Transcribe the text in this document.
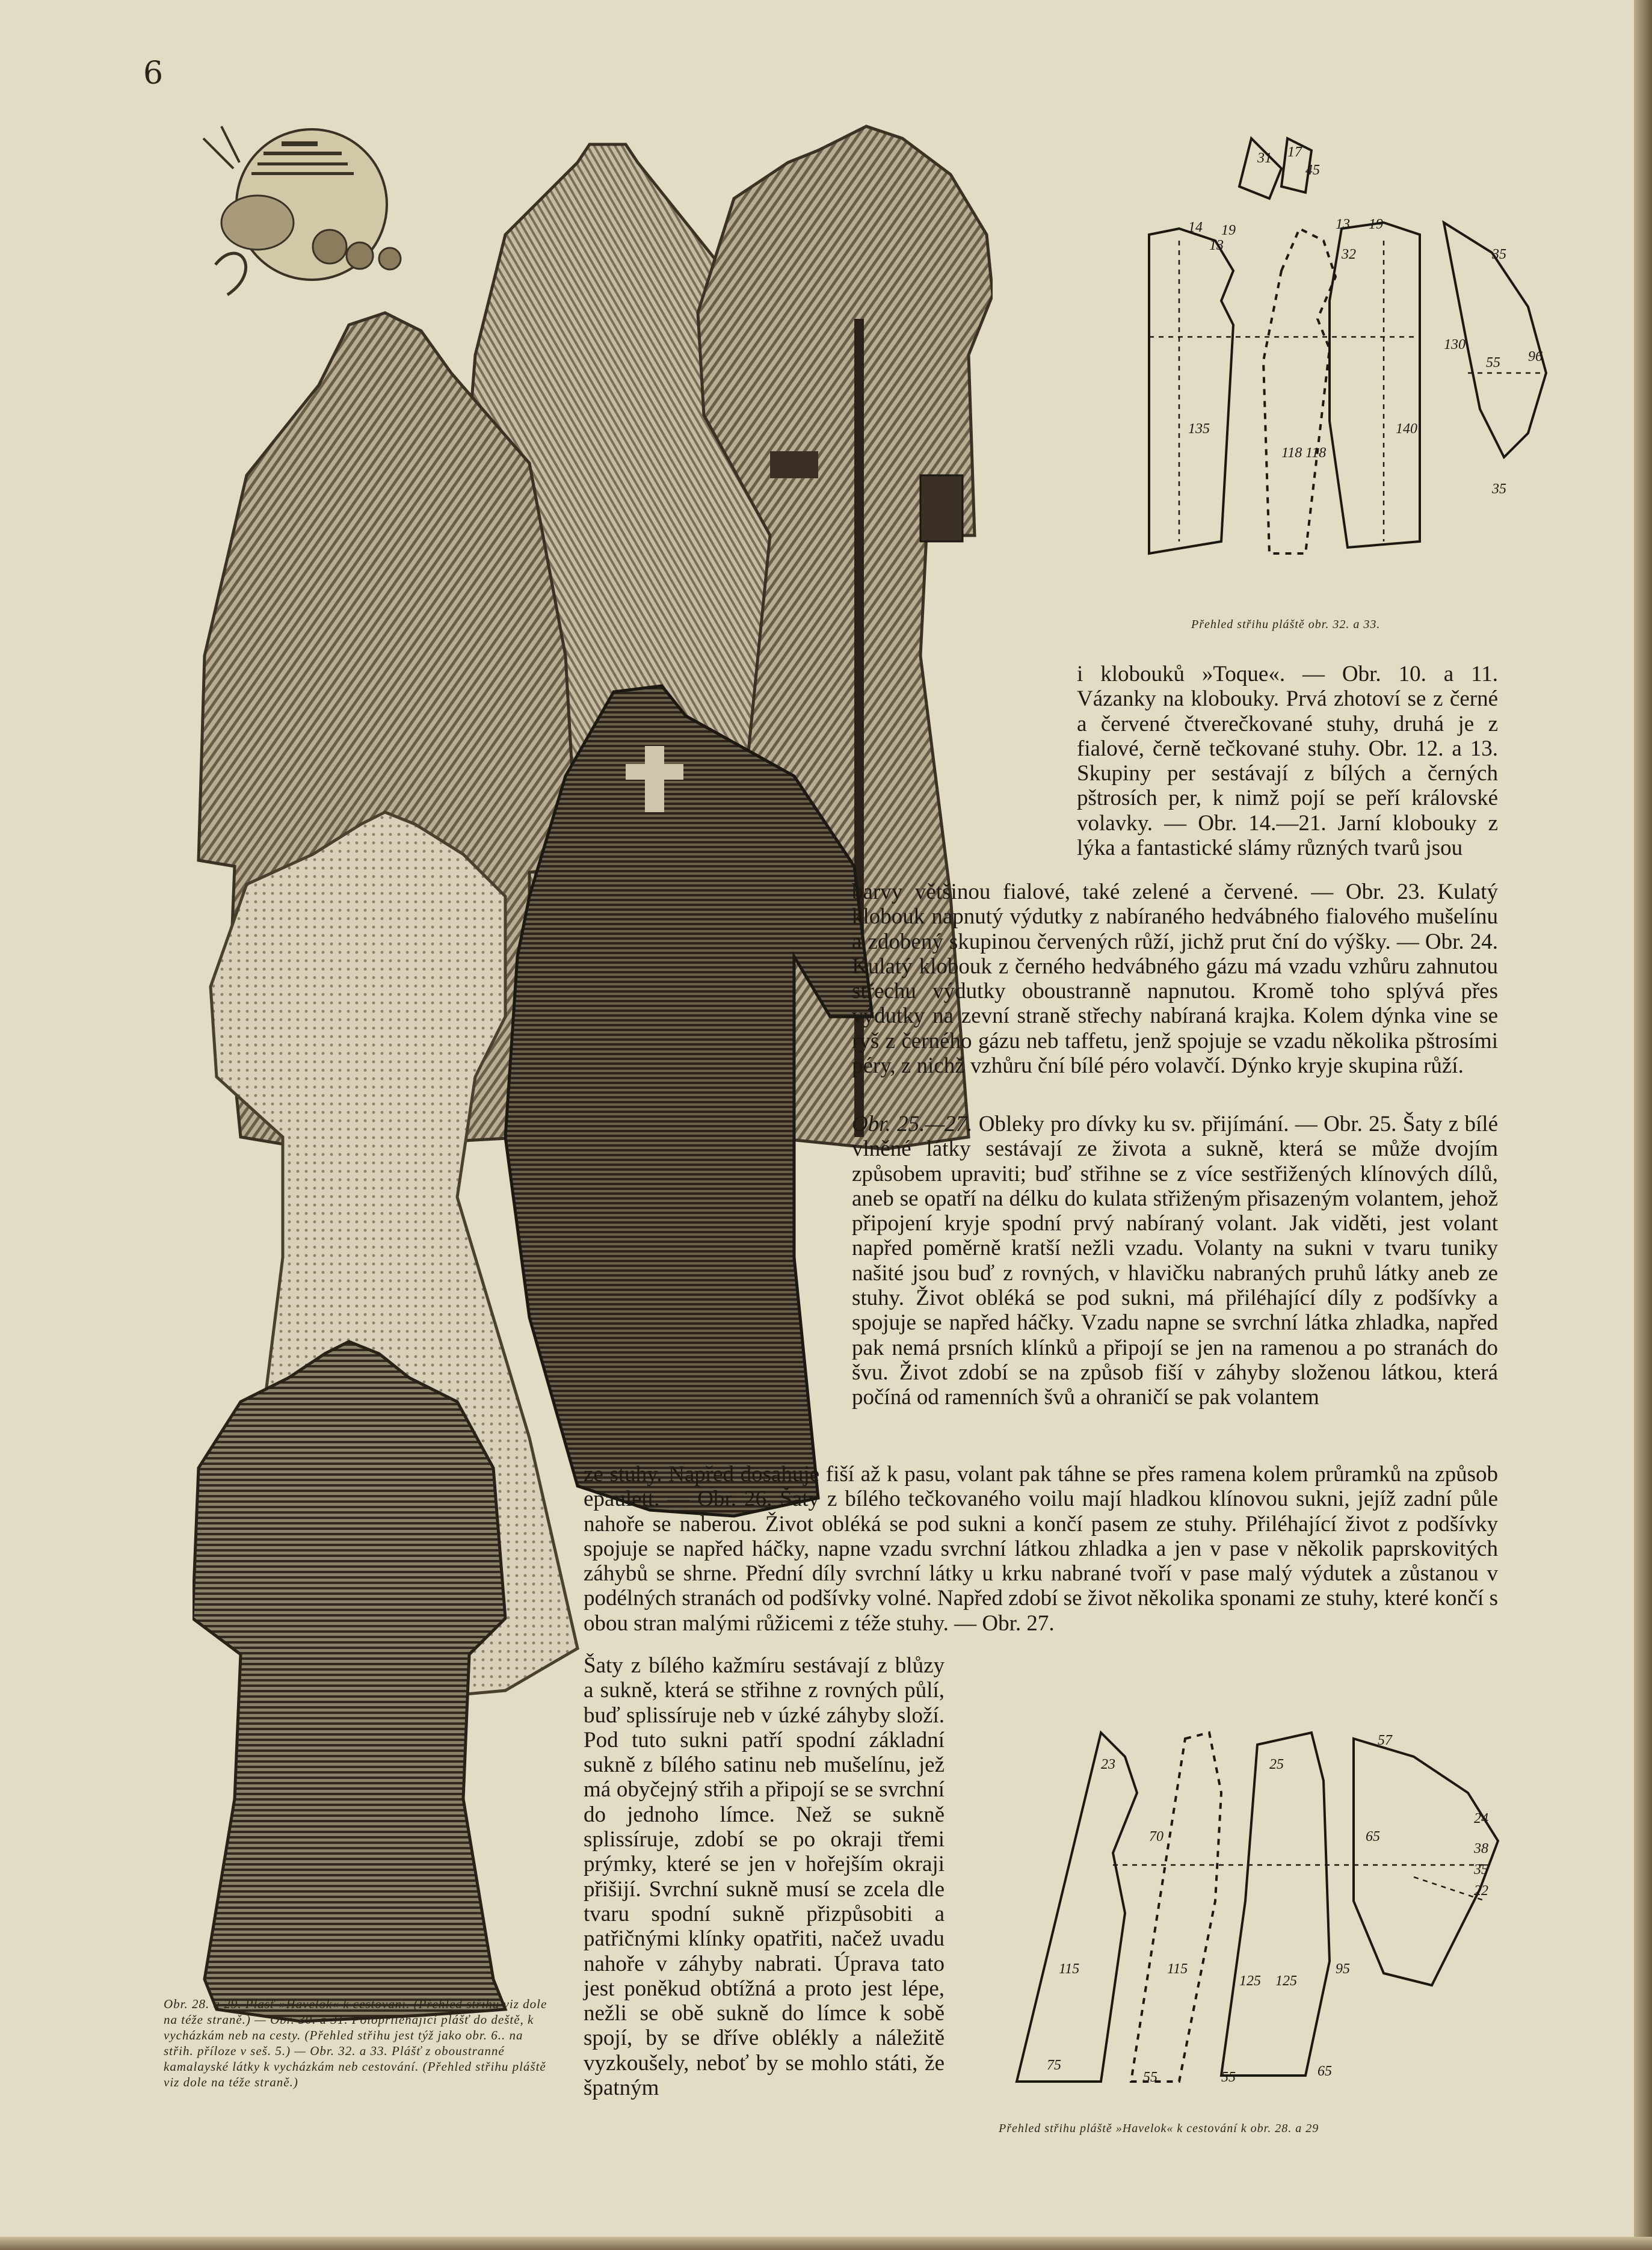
6
31 17
45
19
14
13
13 19
32	35
55 96
130
135
118 118
140
35
Přehled střihu pláště obr. 32. a 33.

i klobouků »Toque«. — Obr. 10. a 11. Vázanky na klobouky. Prvá zhotoví se z černé a červené čtverečkované stuhy, druhá je z fialové, černě tečkované stuhy. Obr. 12. a 13. Skupiny per sestávají z bílých a černých pštrosích per, k nimž pojí se peří královské volavky. — Obr. 14.—21. Jarní klobouky z lýka a fantastické slámy různých tvarů jsou

barvy většinou fialové, také zelené a červené. — Obr. 23. Kulatý klobouk napnutý výdutky z nabíraného hedvábného fialového mušelínu a zdobený skupinou červených růží, jichž prut ční do výšky. — Obr. 24. Kulatý klobouk z černého hedvábného gázu má vzadu vzhůru zahnutou střechu výdutky oboustranně napnutou. Kromě toho splývá přes výdutky na zevní straně střechy nabíraná krajka. Kolem dýnka vine se ryš z černého gázu neb taffetu, jenž spojuje se vzadu několika pštrosími péry, z nichž vzhůru ční bílé péro volavčí. Dýnko kryje skupina růží.

Obr. 25.—27. Obleky pro dívky ku sv. přijímání. — Obr. 25. Šaty z bílé vlněné látky sestávají ze života a sukně, která se může dvojím způsobem upraviti; buď střihne se z více sestřižených klínových dílů, aneb se opatří na délku do kulata střiženým přisazeným volantem, jehož připojení kryje spodní prvý nabíraný volant. Jak viděti, jest volant napřed poměrně kratší nežli vzadu. Volanty na sukni v tvaru tuniky našité jsou buď z rovných, v hlavičku nabraných pruhů látky aneb ze stuhy. Život obléká se pod sukni, má přiléhající díly z podšívky a spojuje se napřed háčky. Vzadu napne se svrchní látka zhladka, napřed pak nemá prsních klínků a připojí se jen na ramenou a po stranách do švu. Život zdobí se na způsob fiší v záhyby složenou látkou, která počíná od ramenních švů a ohraničí se pak volantem

ze stuhy. Napřed dosahuje fiší až k pasu, volant pak táhne se přes ramena kolem průramků na způsob epaulett. — Obr. 26. Šaty z bílého tečkovaného voilu mají hladkou klínovou sukni, jejíž zadní půle nahoře se naberou. Život obléká se pod sukni a končí pasem ze stuhy. Přiléhající život z podšívky spojuje se napřed háčky, napne vzadu svrchní látkou zhladka a jen v pase v několik paprskovitých záhybů se shrne. Přední díly svrchní látky u krku nabrané tvoří v pase malý výdutek a zůstanou v podélných stranách od podšívky volné. Napřed zdobí se život několika sponami ze stuhy, které končí s obou stran malými růžicemi z téže stuhy. — Obr. 27.

Šaty z bílého kažmíru sestávají z blůzy a sukně, která se střihne z rovných půlí, buď splissíruje neb v úzké záhyby složí. Pod tuto sukni patří spodní základní sukně z bílého satinu neb mušelínu, jež má obyčejný střih a připojí se se svrchní do jednoho límce. Než se sukně splissíruje, zdobí se po okraji třemi prýmky, které se jen v hořejším okraji přišijí. Svrchní sukně musí se zcela dle tvaru spodní sukně přizpůsobiti a patřičnými klínky opatřiti, načež uvadu nahoře v záhyby nabrati. Úprava tato jest poněkud obtížná a proto jest lépe, nežli se obě sukně do límce k sobě spojí, by se dříve oblékly a náležitě vyzkoušely, neboť by se mohlo státi, že špatným

23
70
25
57
55
24
65
38
35
22
115	115
125 125
95
75
55	65
Přehled střihu pláště »Havelok« k cestování k obr. 28. a 29
Obr. 28. a 29. Plášť »Havelok« k cestování. (Přehled střihu viz dole na téže straně.) — Obr. 30. a 31. Polopřiléhající plášť do deště, k vycházkám neb na cesty. (Přehled střihu jest týž jako obr. 6.. na střih. příloze v seš. 5.) — Obr. 32. a 33. Plášť z oboustranné kamalayské látky k vycházkám neb cestování. (Přehled střihu pláště viz dole na téže straně.)
